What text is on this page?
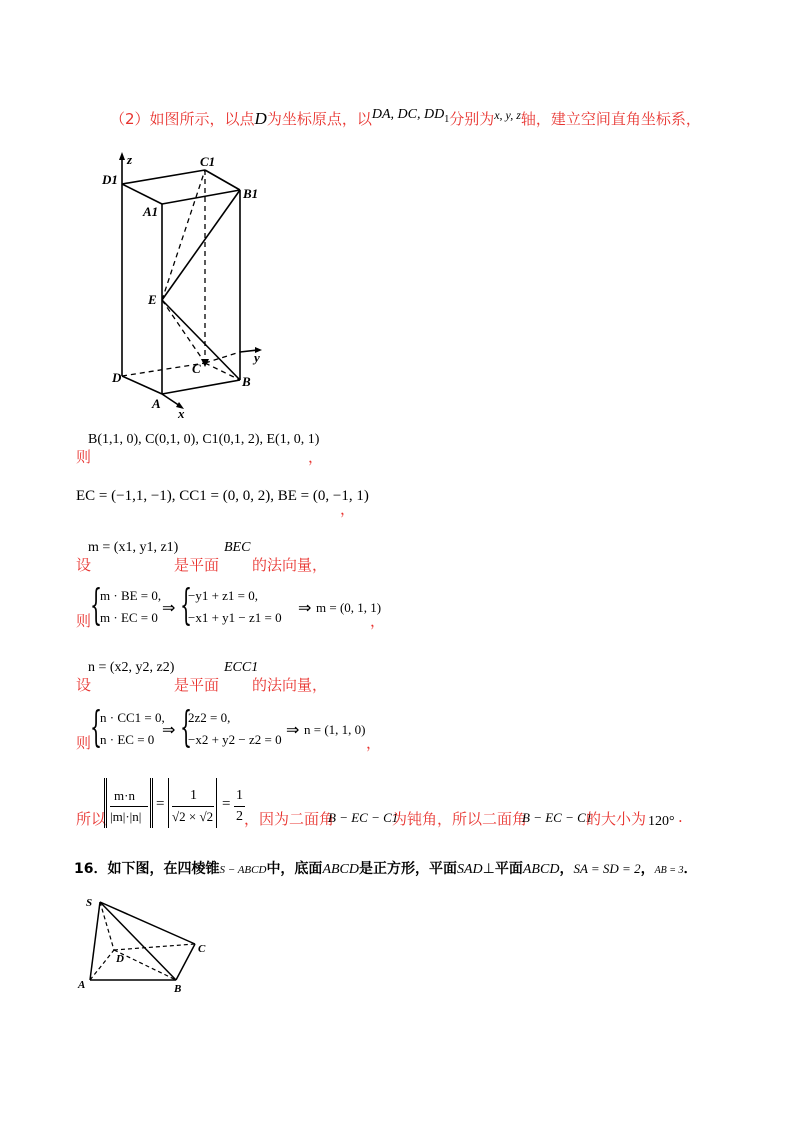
（2）如图所示，以点D为坐标原点，以DA, DC, $DD_1$分别为$^{x, y, z}$轴，建立空间直角坐标系，
z	C1
D1
B1
A1
E
y
D
C
B
A
x
B(1,1, 0), C(0,1, 0), C1(0,1, 2), E(1, 0, 1)
则	，
EC = (−1,1, −1), CC1 = (0, 0, 2), BE = (0, −1, 1)
，
设
m = (x1, y1, z1)
是平面
BEC
的法向量，
则
{
m · BE = 0,
m · EC = 0
⇒ {
−y1 + z1 = 0,
−x1 + y1 − z1 = 0
⇒ m = (0, 1, 1)
，
设
n = (x2, y2, z2)
是平面
ECC1
的法向量，
则
{
n · CC1 = 0,
n · EC = 0
⇒ {
2z2 = 0,
−x2 + y2 − z2 = 0
⇒ n = (1, 1, 0)
，
所以
m·n
|m|·|n|
=
1
√2 × √2
=
1
2 ，因为二面角
B − EC − C1
为钝角，所以二面角
B − EC − C1
的大小为 120° .
16．如下图，在四棱锥S − ABCD中，底面ABCD是正方形，平面SAD⊥平面ABCD，SA = SD = 2，AB = 3．
S
D
C
A	B
